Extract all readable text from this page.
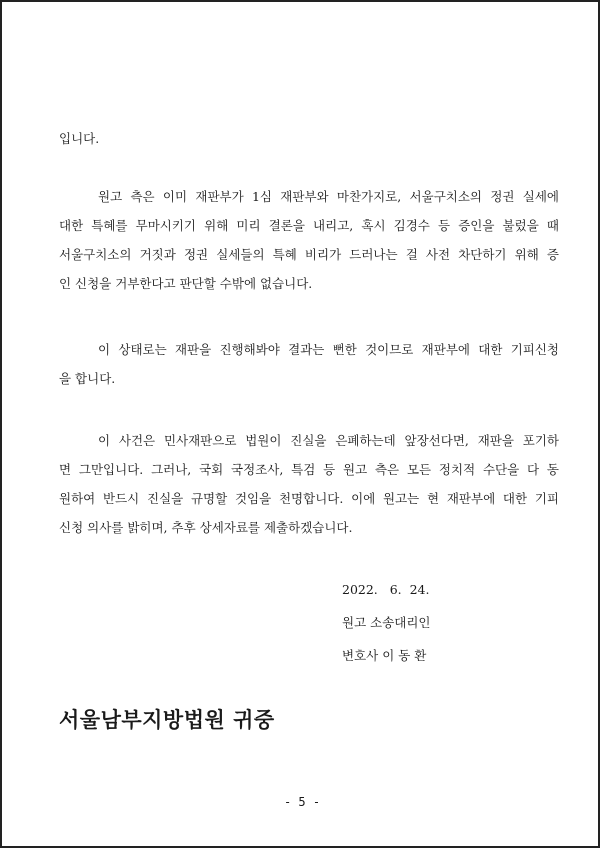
입니다.
원고 측은 이미 재판부가 1심 재판부와 마찬가지로, 서울구치소의 정권 실세에
대한 특혜를 무마시키기 위해 미리 결론을 내리고, 혹시 김경수 등 증인을 불렀을 때
서울구치소의 거짓과 정권 실세들의 특혜 비리가 드러나는 걸 사전 차단하기 위해 증
인 신청을 거부한다고 판단할 수밖에 없습니다.
이 상태로는 재판을 진행해봐야 결과는 뻔한 것이므로 재판부에 대한 기피신청
을 합니다.
이 사건은 민사재판으로 법원이 진실을 은폐하는데 앞장선다면, 재판을 포기하
면 그만입니다. 그러나, 국회 국정조사, 특검 등 원고 측은 모든 정치적 수단을 다 동
원하여 반드시 진실을 규명할 것임을 천명합니다. 이에 원고는 현 재판부에 대한 기피
신청 의사를 밝히며, 추후 상세자료를 제출하겠습니다.
2022.   6.  24.
원고 소송대리인
변호사 이 동 환
서울남부지방법원 귀중
- 5 -
